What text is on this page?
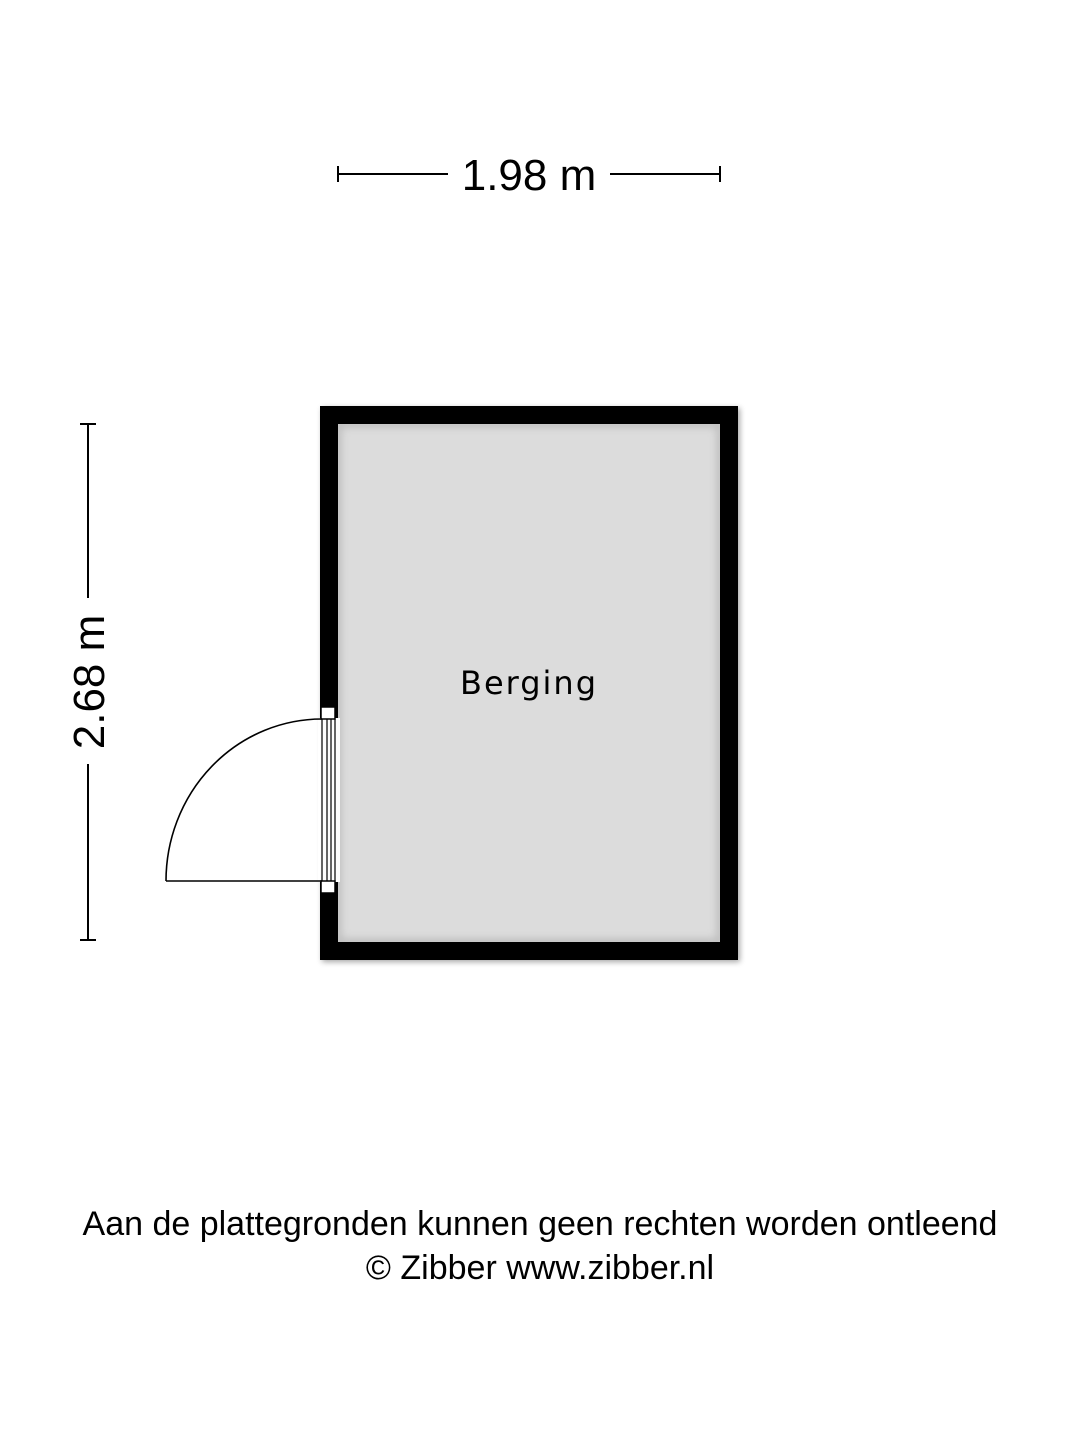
1.98 m
2.68 m	Berging
Aan de plattegronden kunnen geen rechten worden ontleend
© Zibber www.zibber.nl
